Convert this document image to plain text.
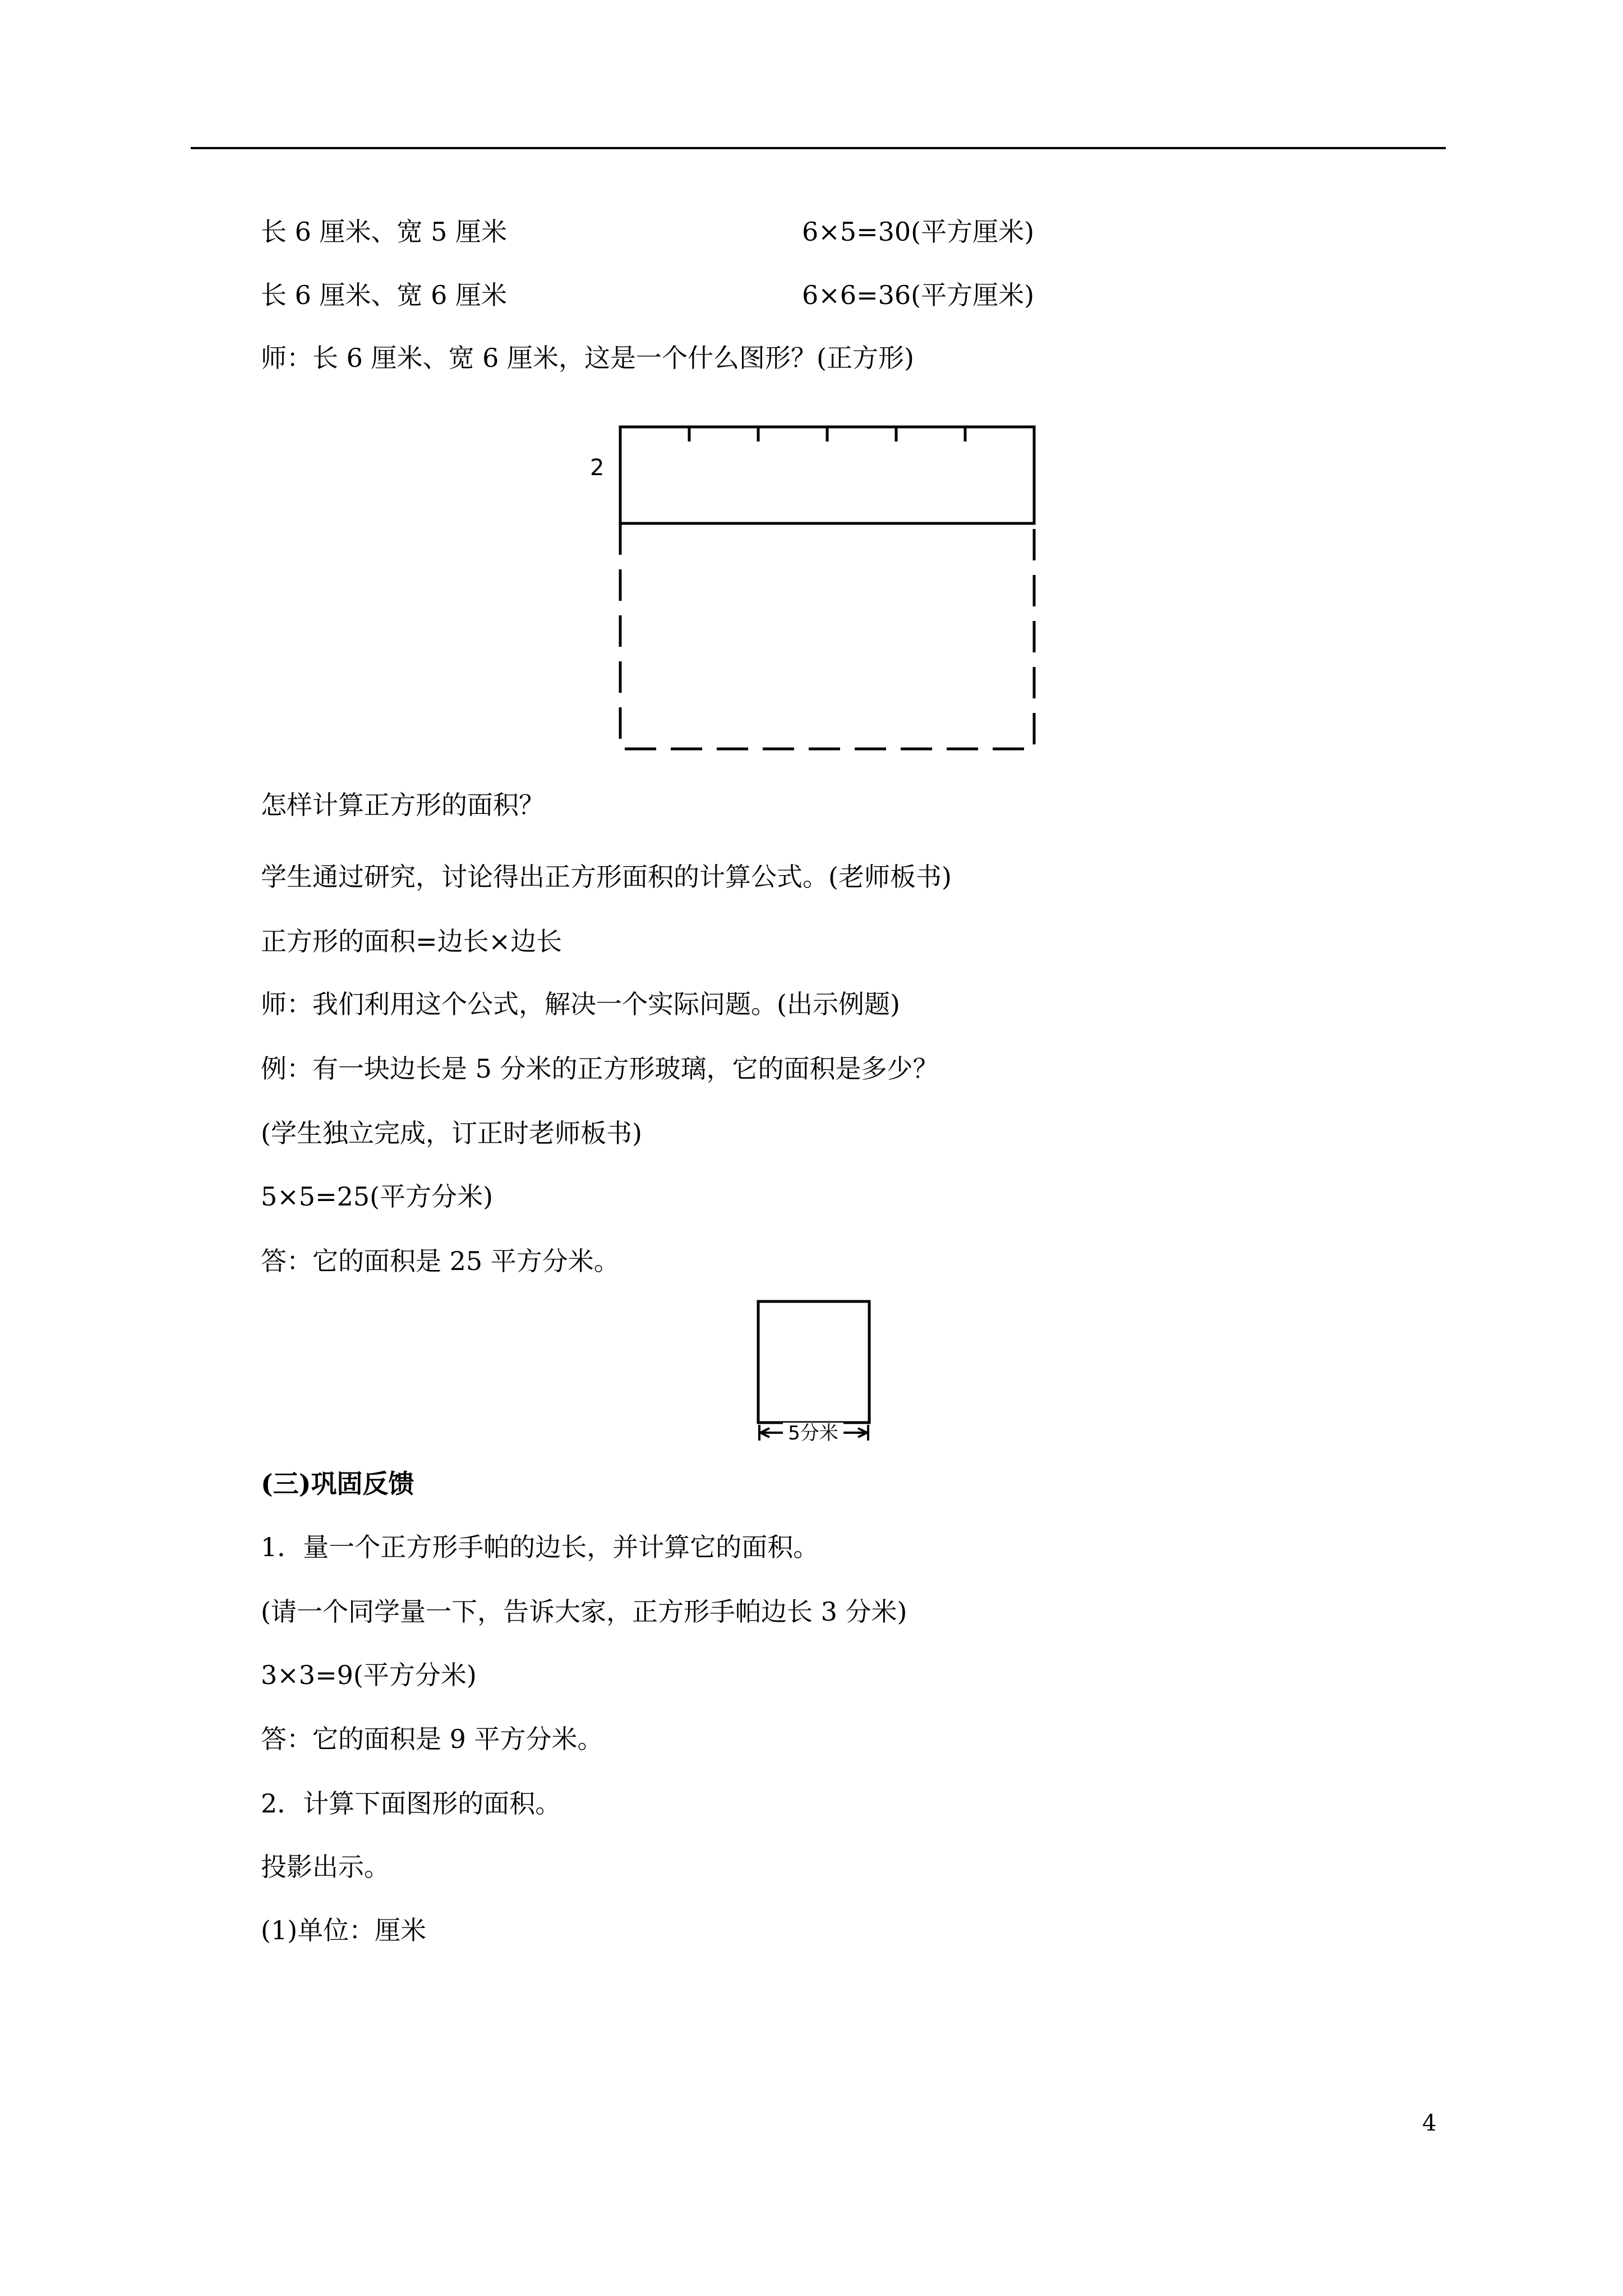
长 6 厘米、宽 5 厘米	6×5=30(平方厘米)
长 6 厘米、宽 6 厘米	6×6=36(平方厘米)
师：长 6 厘米、宽 6 厘米，这是一个什么图形？(正方形)
2
怎样计算正方形的面积？
学生通过研究，讨论得出正方形面积的计算公式。(老师板书)
正方形的面积=边长×边长
师：我们利用这个公式，解决一个实际问题。(出示例题)
例：有一块边长是 5 分米的正方形玻璃，它的面积是多少？
(学生独立完成，订正时老师板书)
5×5=25(平方分米)
答：它的面积是 25 平方分米。
5分米
(三)巩固反馈
1．量一个正方形手帕的边长，并计算它的面积。
(请一个同学量一下，告诉大家，正方形手帕边长 3 分米)
3×3=9(平方分米)
答：它的面积是 9 平方分米。
2．计算下面图形的面积。
投影出示。
(1)单位：厘米
4
